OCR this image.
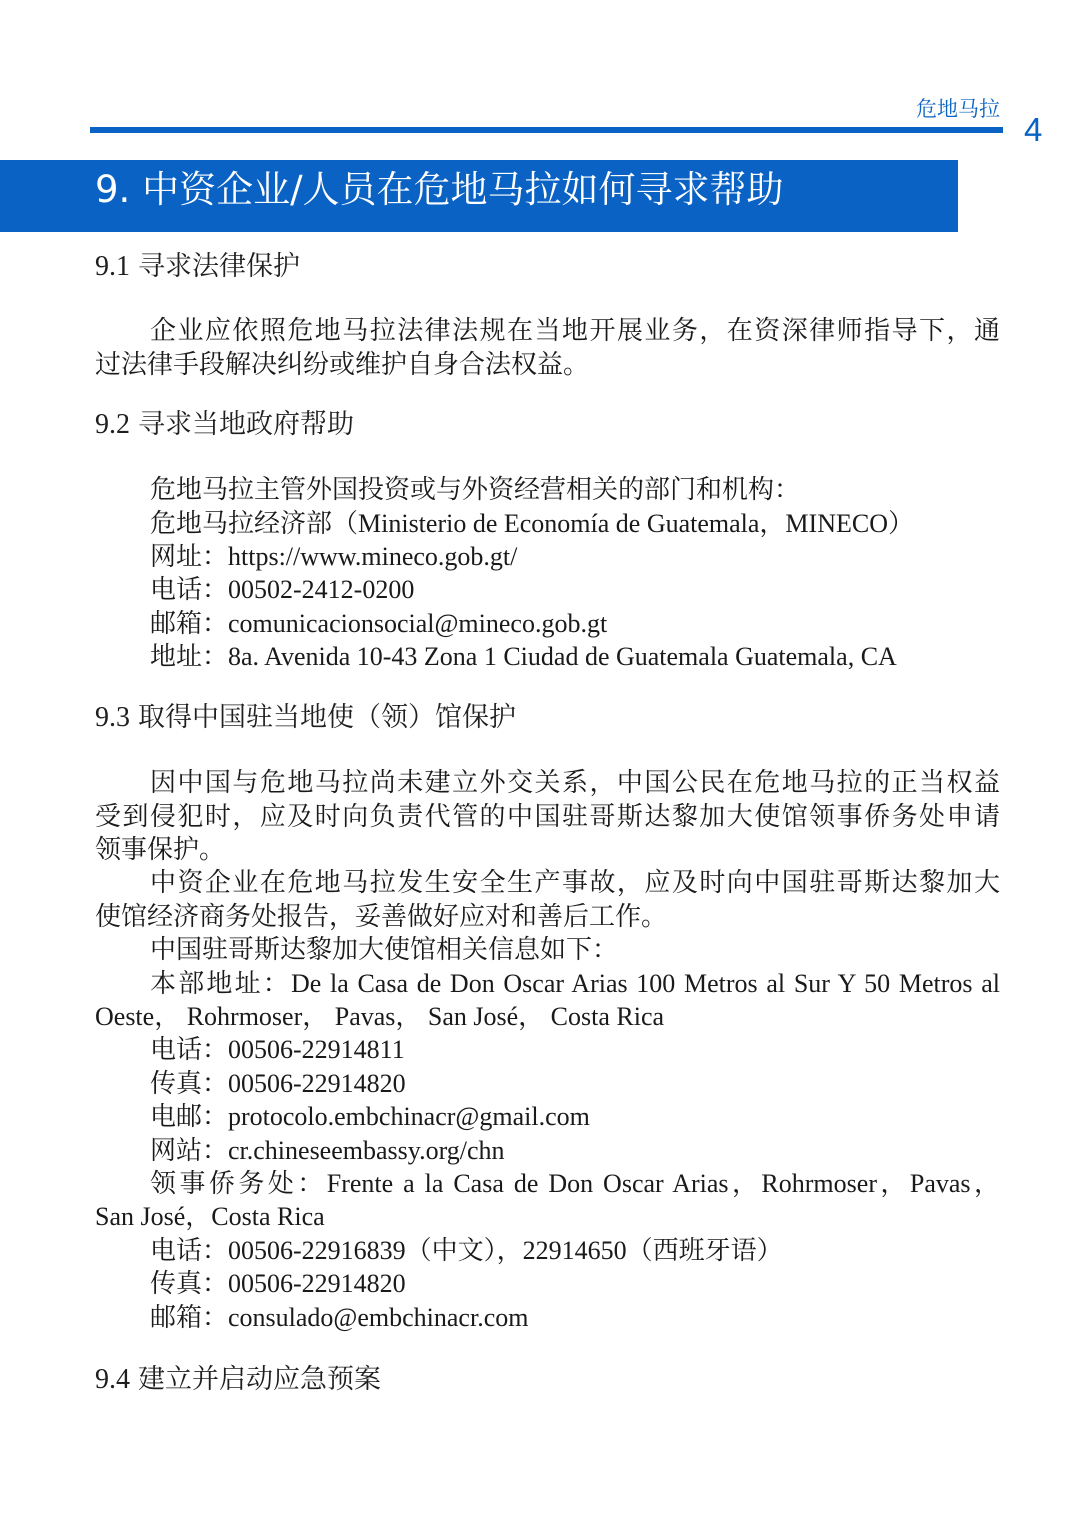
危地马拉
4
9. 中资企业/人员在危地马拉如何寻求帮助
9.1 寻求法律保护
企业应依照危地马拉法律法规在当地开展业务，在资深律师指导下，通
过法律手段解决纠纷或维护自身合法权益。
9.2 寻求当地政府帮助
危地马拉主管外国投资或与外资经营相关的部门和机构：
危地马拉经济部（Ministerio de Economía de Guatemala，MINECO）
网址：https://www.mineco.gob.gt/
电话：00502-2412-0200
邮箱：comunicacionsocial@mineco.gob.gt
地址：8a. Avenida 10-43 Zona 1 Ciudad de Guatemala Guatemala, CA
9.3 取得中国驻当地使（领）馆保护
因中国与危地马拉尚未建立外交关系，中国公民在危地马拉的正当权益
受到侵犯时，应及时向负责代管的中国驻哥斯达黎加大使馆领事侨务处申请
领事保护。
中资企业在危地马拉发生安全生产事故，应及时向中国驻哥斯达黎加大
使馆经济商务处报告，妥善做好应对和善后工作。
中国驻哥斯达黎加大使馆相关信息如下：
本部地址：De la Casa de Don Oscar Arias 100 Metros al Sur Y 50 Metros al
Oeste， Rohrmoser， Pavas， San José， Costa Rica
电话：00506-22914811
传真：00506-22914820
电邮：protocolo.embchinacr@gmail.com
网站：cr.chineseembassy.org/chn
领事侨务处：Frente a la Casa de Don Oscar Arias，Rohrmoser，Pavas，
San José，Costa Rica
电话：00506-22916839（中文），22914650（西班牙语）
传真：00506-22914820
邮箱：consulado@embchinacr.com
9.4 建立并启动应急预案
